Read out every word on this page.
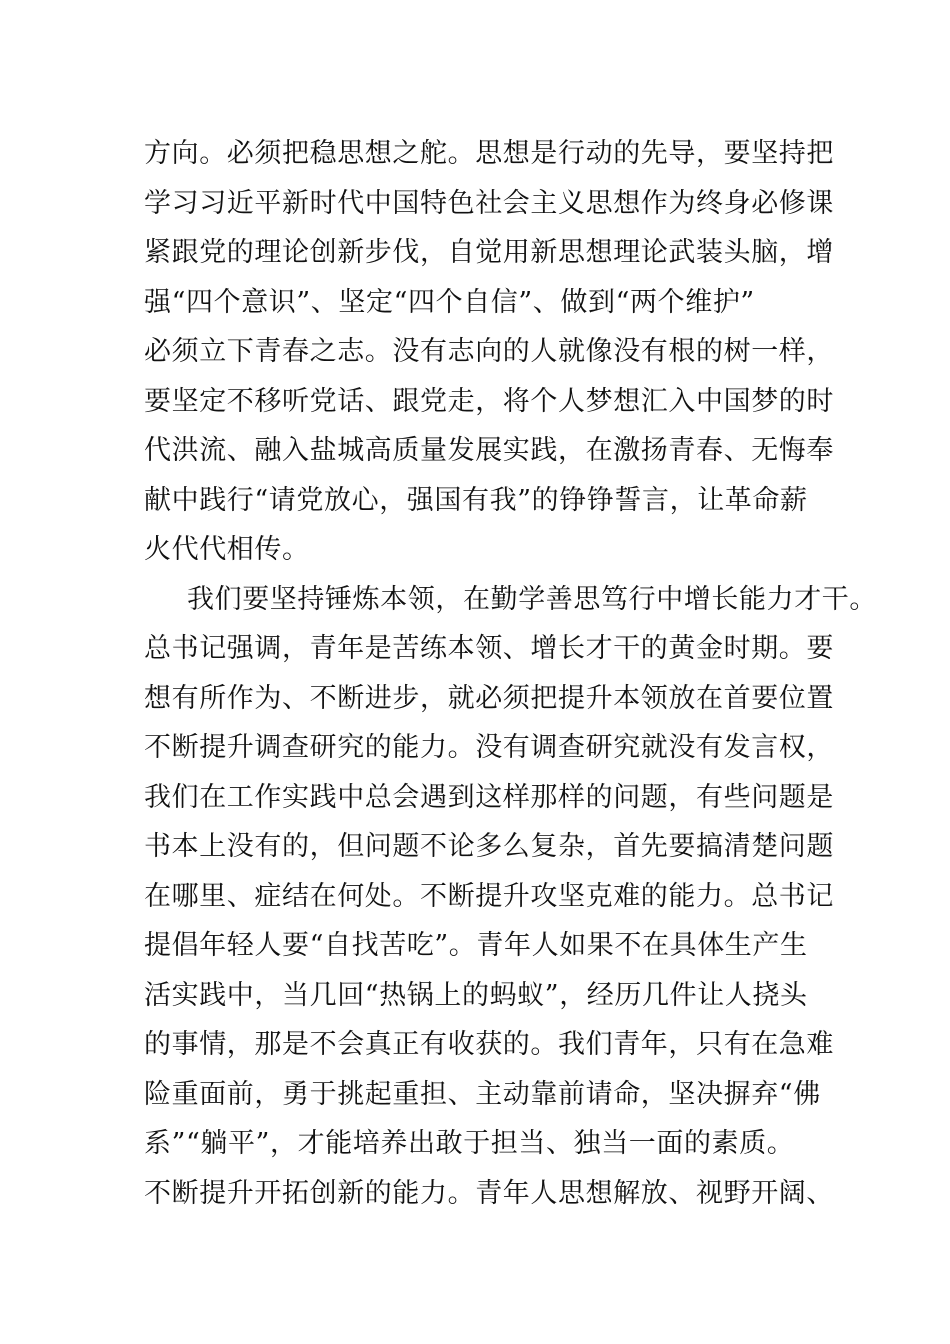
方向。必须把稳思想之舵。思想是行动的先导，要坚持把
学习习近平新时代中国特色社会主义思想作为终身必修课
紧跟党的理论创新步伐，自觉用新思想理论武装头脑，增
强“四个意识”、坚定“四个自信”、做到“两个维护”
必须立下青春之志。没有志向的人就像没有根的树一样，
要坚定不移听党话、跟党走，将个人梦想汇入中国梦的时
代洪流、融入盐城高质量发展实践，在激扬青春、无悔奉
献中践行“请党放心，强国有我”的铮铮誓言，让革命薪
火代代相传。
我们要坚持锤炼本领，在勤学善思笃行中增长能力才干。
总书记强调，青年是苦练本领、增长才干的黄金时期。要
想有所作为、不断进步，就必须把提升本领放在首要位置
不断提升调查研究的能力。没有调查研究就没有发言权，
我们在工作实践中总会遇到这样那样的问题，有些问题是
书本上没有的，但问题不论多么复杂，首先要搞清楚问题
在哪里、症结在何处。不断提升攻坚克难的能力。总书记
提倡年轻人要“自找苦吃”。青年人如果不在具体生产生
活实践中，当几回“热锅上的蚂蚁”，经历几件让人挠头
的事情，那是不会真正有收获的。我们青年，只有在急难
险重面前，勇于挑起重担、主动靠前请命，坚决摒弃“佛
系”“躺平”，才能培养出敢于担当、独当一面的素质。
不断提升开拓创新的能力。青年人思想解放、视野开阔、
